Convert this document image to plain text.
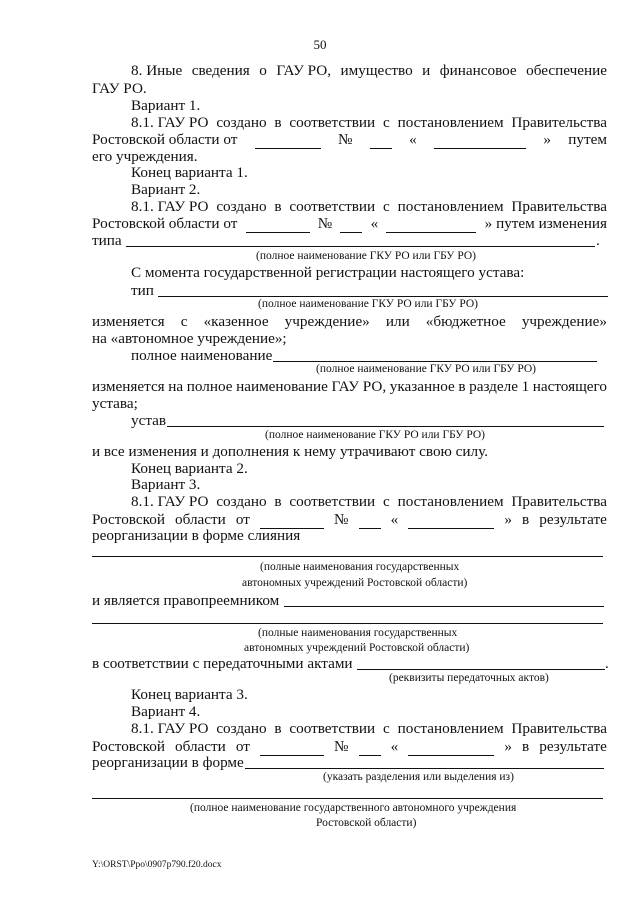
50
8. Иные сведения о ГАУ РО, имущество и финансовое обеспечение
ГАУ РО.
Вариант 1.
8.1. ГАУ РО создано в соответствии с постановлением Правительства
Ростовской области от	№	«	» путем
его учреждения.
Конец варианта 1.
Вариант 2.
8.1. ГАУ РО создано в соответствии с постановлением Правительства
Ростовской области от	№	«	» путем изменения
типа	.
(полное наименование ГКУ РО или ГБУ РО)
С момента государственной регистрации настоящего устава:
тип
(полное наименование ГКУ РО или ГБУ РО)
изменяется с «казенное учреждение» или «бюджетное учреждение»
на «автономное учреждение»;
полное наименование
(полное наименование ГКУ РО или ГБУ РО)
изменяется на полное наименование ГАУ РО, указанное в разделе 1 настоящего
устава;
устав
(полное наименование ГКУ РО или ГБУ РО)
и все изменения и дополнения к нему утрачивают свою силу.
Конец варианта 2.
Вариант 3.
8.1. ГАУ РО создано в соответствии с постановлением Правительства
Ростовской области от	№	«	» в результате
реорганизации в форме слияния
(полные наименования государственных
автономных учреждений Ростовской области)
и является правопреемником
(полные наименования государственных
автономных учреждений Ростовской области)
в соответствии с передаточными актами	.
(реквизиты передаточных актов)
Конец варианта 3.
Вариант 4.
8.1. ГАУ РО создано в соответствии с постановлением Правительства
Ростовской области от	№	«	» в результате
реорганизации в форме
(указать разделения или выделения из)
(полное наименование государственного автономного учреждения
Ростовской области)
Y:\ORST\Ppo\0907p790.f20.docx
